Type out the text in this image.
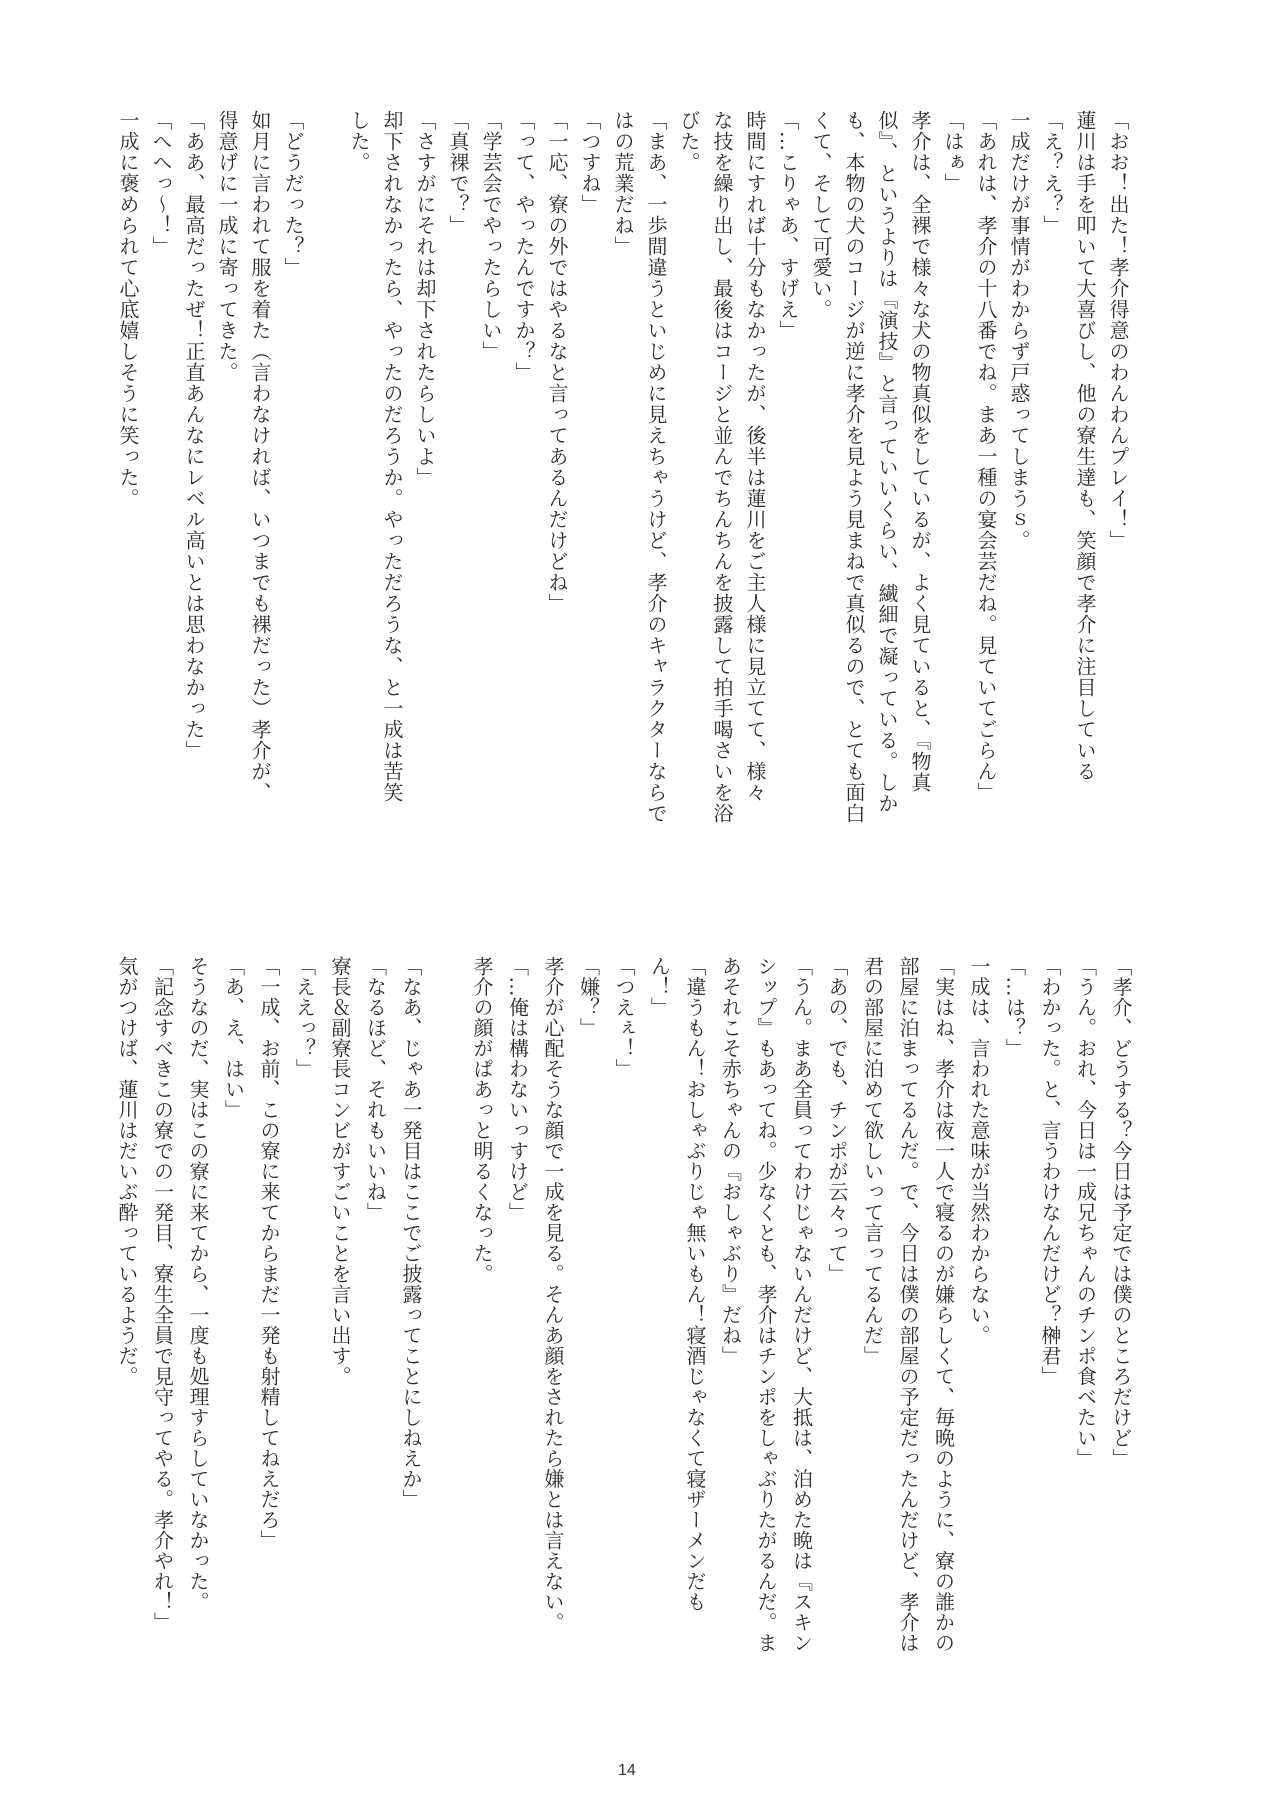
「おお！出た！孝介得意のわんわんプレイ！」
蓮川は手を叩いて大喜びし、他の寮生達も、笑顔で孝介に注目している
「え？え？」
一成だけが事情がわからず戸惑ってしまうｓ。
「あれは、孝介の十八番でね。まあ一種の宴会芸だね。見ていてごらん」
「はぁ」
孝介は、全裸で様々な犬の物真似をしているが、よく見ていると、『物真
似』、というよりは『演技』と言っていいくらい、繊細で凝っている。しか
も、本物の犬のコージが逆に孝介を見よう見まねで真似るので、とても面白
くて、そして可愛い。
「…こりゃあ、すげえ」
時間にすれば十分もなかったが、後半は蓮川をご主人様に見立てて、様々
な技を繰り出し、最後はコージと並んでちんちんを披露して拍手喝さいを浴
びた。
「まあ、一歩間違うといじめに見えちゃうけど、孝介のキャラクターならで
はの荒業だね」
「つすね」
「一応、寮の外ではやるなと言ってあるんだけどね」
「って、やったんですか？」
「学芸会でやったらしい」
「真裸で？」
「さすがにそれは却下されたらしいよ」
却下されなかったら、やったのだろうか。やっただろうな、と一成は苦笑
した。
「どうだった？」
如月に言われて服を着た（言わなければ、いつまでも裸だった）孝介が、
得意げに一成に寄ってきた。
「ああ、最高だったぜ！正直あんなにレベル高いとは思わなかった」
「へへっ～！」
一成に褒められて心底嬉しそうに笑った。
「孝介、どうする？今日は予定では僕のところだけど」
「うん。おれ、今日は一成兄ちゃんのチンポ食べたい」
「わかった。と、言うわけなんだけど？榊君」
「…は？」
一成は、言われた意味が当然わからない。
「実はね、孝介は夜一人で寝るのが嫌らしくて、毎晩のように、寮の誰かの
部屋に泊まってるんだ。で、今日は僕の部屋の予定だったんだけど、孝介は
君の部屋に泊めて欲しいって言ってるんだ」
「あの、でも、チンポが云々って」
「うん。まあ全員ってわけじゃないんだけど、大抵は、泊めた晩は『スキン
シップ』もあってね。少なくとも、孝介はチンポをしゃぶりたがるんだ。ま
あそれこそ赤ちゃんの『おしゃぶり』だね」
「違うもん！おしゃぶりじゃ無いもん！寝酒じゃなくて寝ザーメンだも
ん！」
「つえぇ！」
「嫌？」
孝介が心配そうな顔で一成を見る。そんあ顔をされたら嫌とは言えない。
「…俺は構わないっすけど」
孝介の顔がぱあっと明るくなった。
「なあ、じゃあ一発目はここでご披露ってことにしねえか」
「なるほど、それもいいね」
寮長＆副寮長コンビがすごいことを言い出す。
「ええっ？」
「一成、お前、この寮に来てからまだ一発も射精してねえだろ」
「あ、え、はい」
そうなのだ、実はこの寮に来てから、一度も処理すらしていなかった。
「記念すべきこの寮での一発目、寮生全員で見守ってやる。孝介やれ！」
気がつけば、蓮川はだいぶ酔っているようだ。
14
